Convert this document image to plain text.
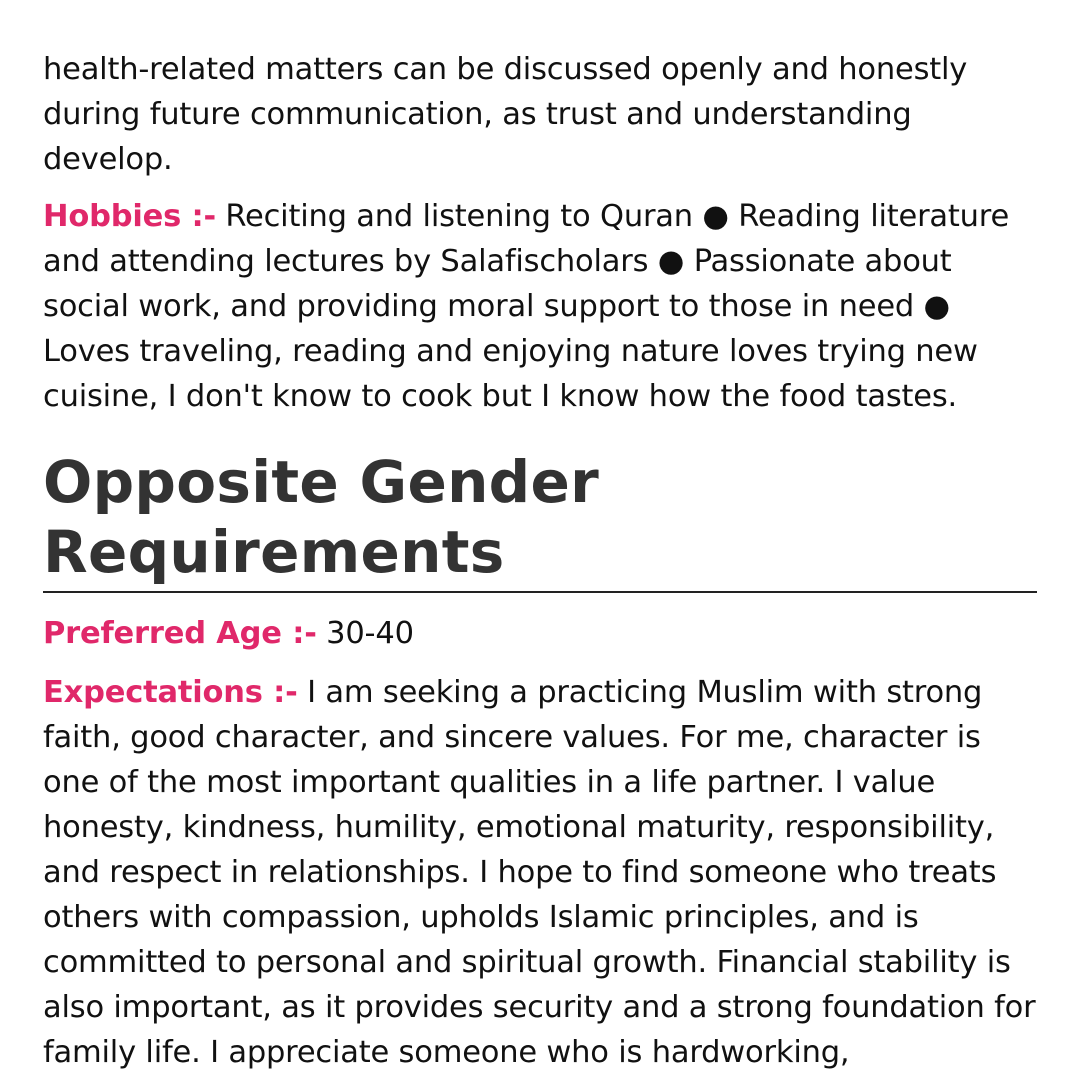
health-related matters can be discussed openly and honestly during future communication, as trust and understanding develop.

Hobbies :- Reciting and listening to Quran ● Reading literature and attending lectures by Salafischolars ● Passionate about social work, and providing moral support to those in need ● Loves traveling, reading and enjoying nature loves trying new cuisine, I don't know to cook but I know how the food tastes.

Opposite Gender Requirements

Preferred Age :- 30-40

Expectations :- I am seeking a practicing Muslim with strong faith, good character, and sincere values. For me, character is one of the most important qualities in a life partner. I value honesty, kindness, humility, emotional maturity, responsibility, and respect in relationships. I hope to find someone who treats others with compassion, upholds Islamic principles, and is committed to personal and spiritual growth. Financial stability is also important, as it provides security and a strong foundation for family life. I appreciate someone who is hardworking,
